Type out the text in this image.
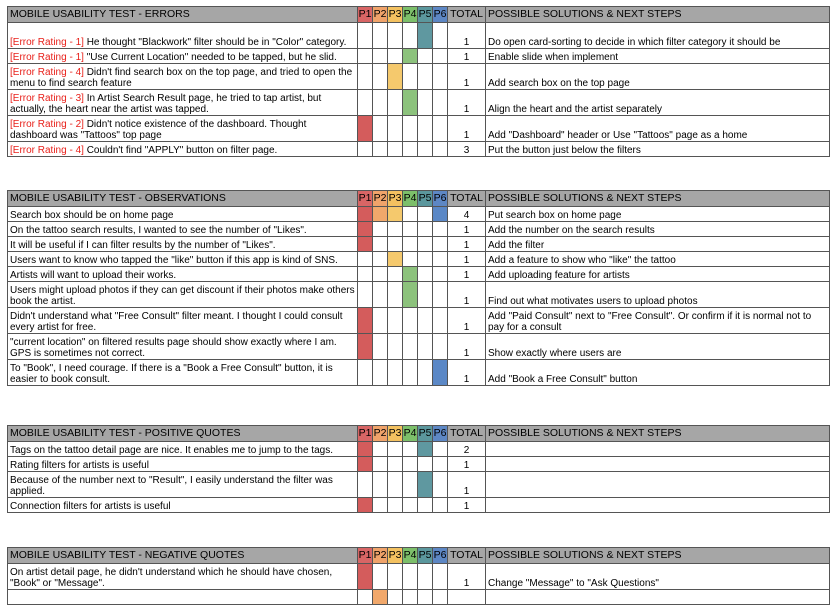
MOBILE USABILITY TEST - ERRORS	P1	P2	P3	P4	P5	P6	TOTAL	POSSIBLE SOLUTIONS & NEXT STEPS
[Error Rating - 1] He thought "Blackwork" filter should be in "Color" category.							1	Do open card-sorting to decide in which filter category it should be
[Error Rating - 1] "Use Current Location" needed to be tapped, but he slid.							1	Enable slide when implement
[Error Rating - 4] Didn't find search box on the top page, and tried to open the menu to find search feature							1	Add search box on the top page
[Error Rating - 3] In Artist Search Result page, he tried to tap artist, but actually, the heart near the artist was tapped.							1	Align the heart and the artist separately
[Error Rating - 2] Didn't notice existence of the dashboard. Thought dashboard was "Tattoos" top page							1	Add "Dashboard" header or Use "Tattoos" page as a home
[Error Rating - 4] Couldn't find "APPLY" button on filter page.							3	Put the button just below the filters
MOBILE USABILITY TEST - OBSERVATIONS	P1	P2	P3	P4	P5	P6	TOTAL	POSSIBLE SOLUTIONS & NEXT STEPS
Search box should be on home page							4	Put search box on home page
On the tattoo search results, I wanted to see the number of "Likes".							1	Add the number on the search results
It will be useful if I can filter results by the number of "Likes".							1	Add the filter
Users want to know who tapped the "like" button if this app is kind of SNS.							1	Add a feature to show who "like" the tattoo
Artists will want to upload their works.							1	Add uploading feature for artists
Users might upload photos if they can get discount if their photos make others book the artist.							1	Find out what motivates users to upload photos
Didn't understand what "Free Consult" filter meant. I thought I could consult every artist for free.							1	Add "Paid Consult" next to "Free Consult". Or confirm if it is normal not to pay for a consult
"current location" on filtered results page should show exactly where I am. GPS is sometimes not correct.							1	Show exactly where users are
To "Book", I need courage. If there is a "Book a Free Consult" button, it is easier to book consult.							1	Add "Book a Free Consult" button
MOBILE USABILITY TEST - POSITIVE QUOTES	P1	P2	P3	P4	P5	P6	TOTAL	POSSIBLE SOLUTIONS & NEXT STEPS
Tags on the tattoo detail page are nice. It enables me to jump to the tags.							2	
Rating filters for artists is useful							1	
Because of the number next to "Result", I easily understand the filter was applied.							1	
Connection filters for artists is useful							1	
MOBILE USABILITY TEST - NEGATIVE QUOTES	P1	P2	P3	P4	P5	P6	TOTAL	POSSIBLE SOLUTIONS & NEXT STEPS
On artist detail page, he didn't understand which he should have chosen, "Book" or "Message".							1	Change "Message" to "Ask Questions"
